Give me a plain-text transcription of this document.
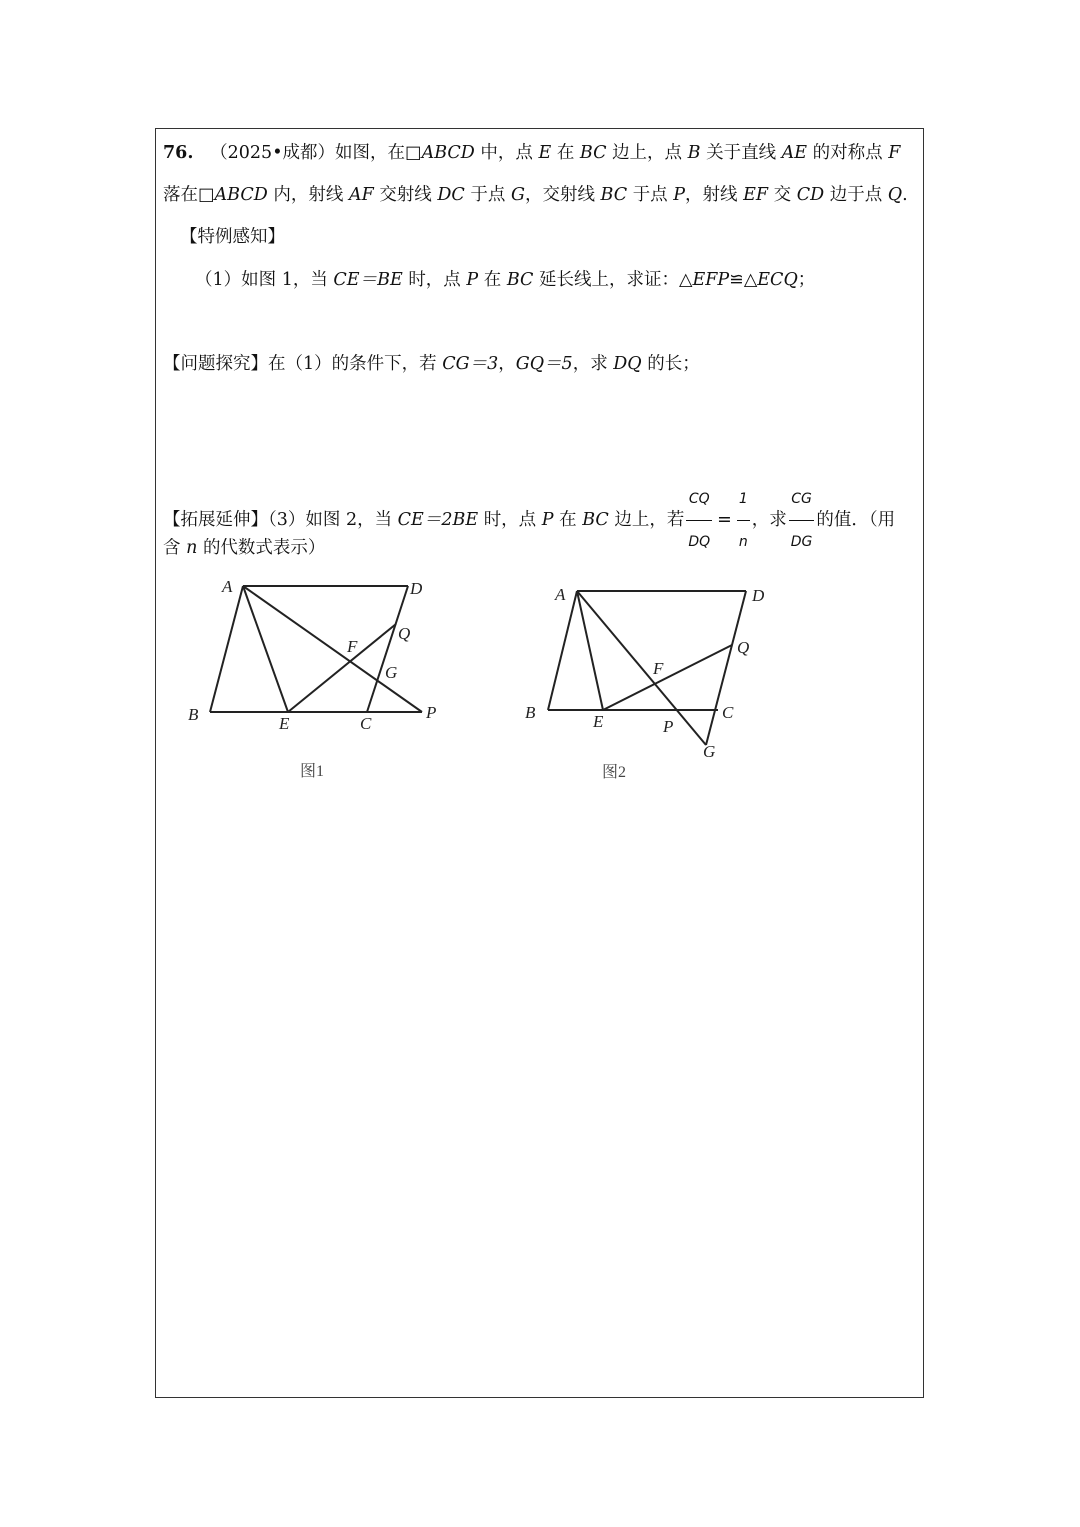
76. （2025•成都）如图，在□ABCD 中，点 E 在 BC 边上，点 B 关于直线 AE 的对称点 F
落在□ABCD 内，射线 AF 交射线 DC 于点 G，交射线 BC 于点 P，射线 EF 交 CD 边于点 Q.
【特例感知】
（1）如图 1，当 CE＝BE 时，点 P 在 BC 延长线上，求证：△EFP≌△ECQ；
【问题探究】在（1）的条件下，若 CG＝3，GQ＝5，求 DQ 的长；
【拓展延伸】（3）如图 2，当 CE＝2BE 时，点 P 在 BC 边上，若 $\frac{CQ}{DQ} = \frac{1}{n}$ ，求 $\frac{CG}{DG}$ 的值．（用
含 n 的代数式表示）
A	D
Q
F
G
B	E	C
P
图1
A	D
Q
F
B	E	P
C
G
图2
